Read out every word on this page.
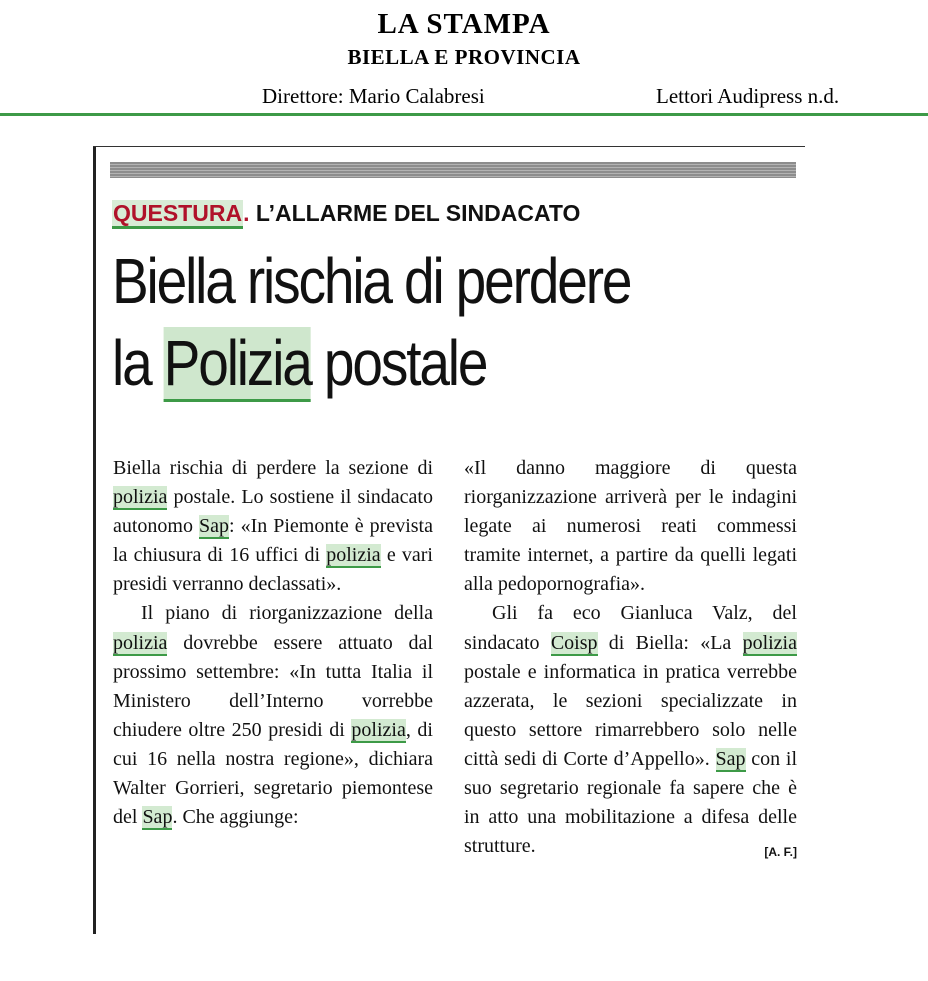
LA STAMPA
BIELLA E PROVINCIA
Direttore: Mario Calabresi	Lettori Audipress n.d.
QUESTURA. L’ALLARME DEL SINDACATO
Biella rischia di perdere
la Polizia postale

Biella rischia di perdere la sezione di polizia postale. Lo sostiene il sindacato autonomo Sap: «In Piemonte è prevista la chiusura di 16 uffici di polizia e vari presidi verranno declassati».

Il piano di riorganizzazione della polizia dovrebbe essere attuato dal prossimo settembre: «In tutta Italia il Ministero dell’Interno vorrebbe chiudere oltre 250 presidi di polizia, di cui 16 nella nostra regione», dichiara Walter Gorrieri, segretario piemontese del Sap. Che aggiunge:

«Il danno maggiore di questa riorganizzazione arriverà per le indagini legate ai numerosi reati commessi tramite internet, a partire da quelli legati alla pedopornografia».

Gli fa eco Gianluca Valz, del sindacato Coisp di Biella: «La polizia postale e informatica in pratica verrebbe azzerata, le sezioni specializzate in questo settore rimarrebbero solo nelle città sedi di Corte d’Appello». Sap con il suo segretario regionale fa sapere che è in atto una mobilitazione a difesa delle strutture.	[A. F.]
